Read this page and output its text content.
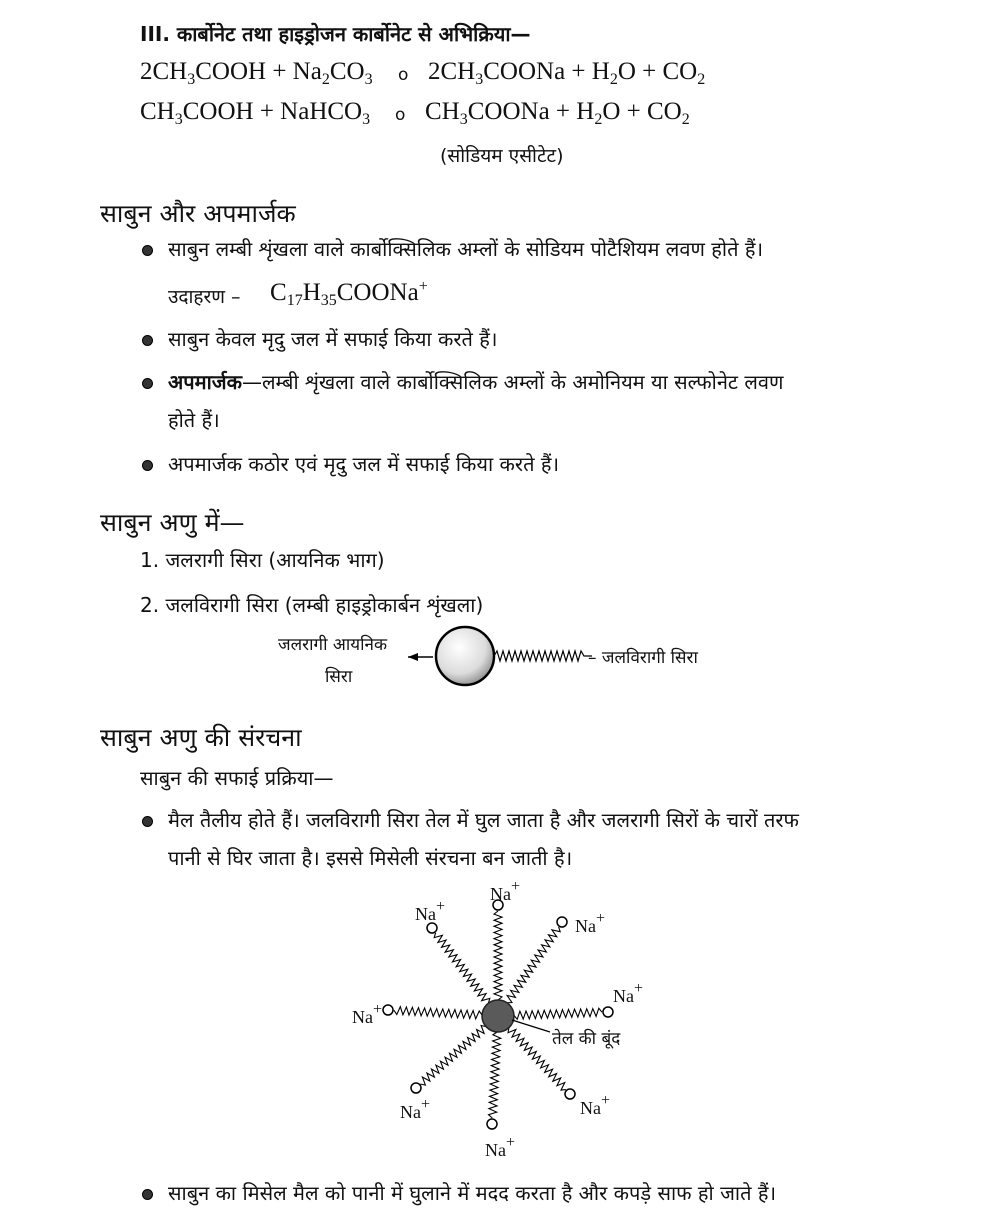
III. कार्बोनेट तथा हाइड्रोजन कार्बोनेट से अभिक्रिया—
$2CH_3COOH + Na_2CO_3$ o $2CH_3COONa + H_2O + CO_2$
$CH_3COOH$ + NaHCO$_3$ o $CH_3COONa + H_2O + CO_2$
(सोडियम एसीटेट)
साबुन और अपमार्जक
साबुन लम्बी शृंखला वाले कार्बोक्सिलिक अम्लों के सोडियम पोटैशियम लवण होते हैं।
उदाहरण – $C_{17}H_{35}COONa^+$
साबुन केवल मृदु जल में सफाई किया करते हैं।
अपमार्जक—लम्बी शृंखला वाले कार्बोक्सिलिक अम्लों के अमोनियम या सल्फोनेट लवण
होते हैं।
अपमार्जक कठोर एवं मृदु जल में सफाई किया करते हैं।
साबुन अणु में—
1. जलरागी सिरा (आयनिक भाग)
2. जलविरागी सिरा (लम्बी हाइड्रोकार्बन शृंखला)
जलरागी आयनिक
सिरा
– जलविरागी सिरा
साबुन अणु की संरचना
साबुन की सफाई प्रक्रिया—
मैल तैलीय होते हैं। जलविरागी सिरा तेल में घुल जाता है और जलरागी सिरों के चारों तरफ
पानी से घिर जाता है। इससे मिसेली संरचना बन जाती है।
Na+
Na+
Na+
Na+
Na+
Na+	Na+
Na+
तेल की बूंद
साबुन का मिसेल मैल को पानी में घुलाने में मदद करता है और कपड़े साफ हो जाते हैं।
